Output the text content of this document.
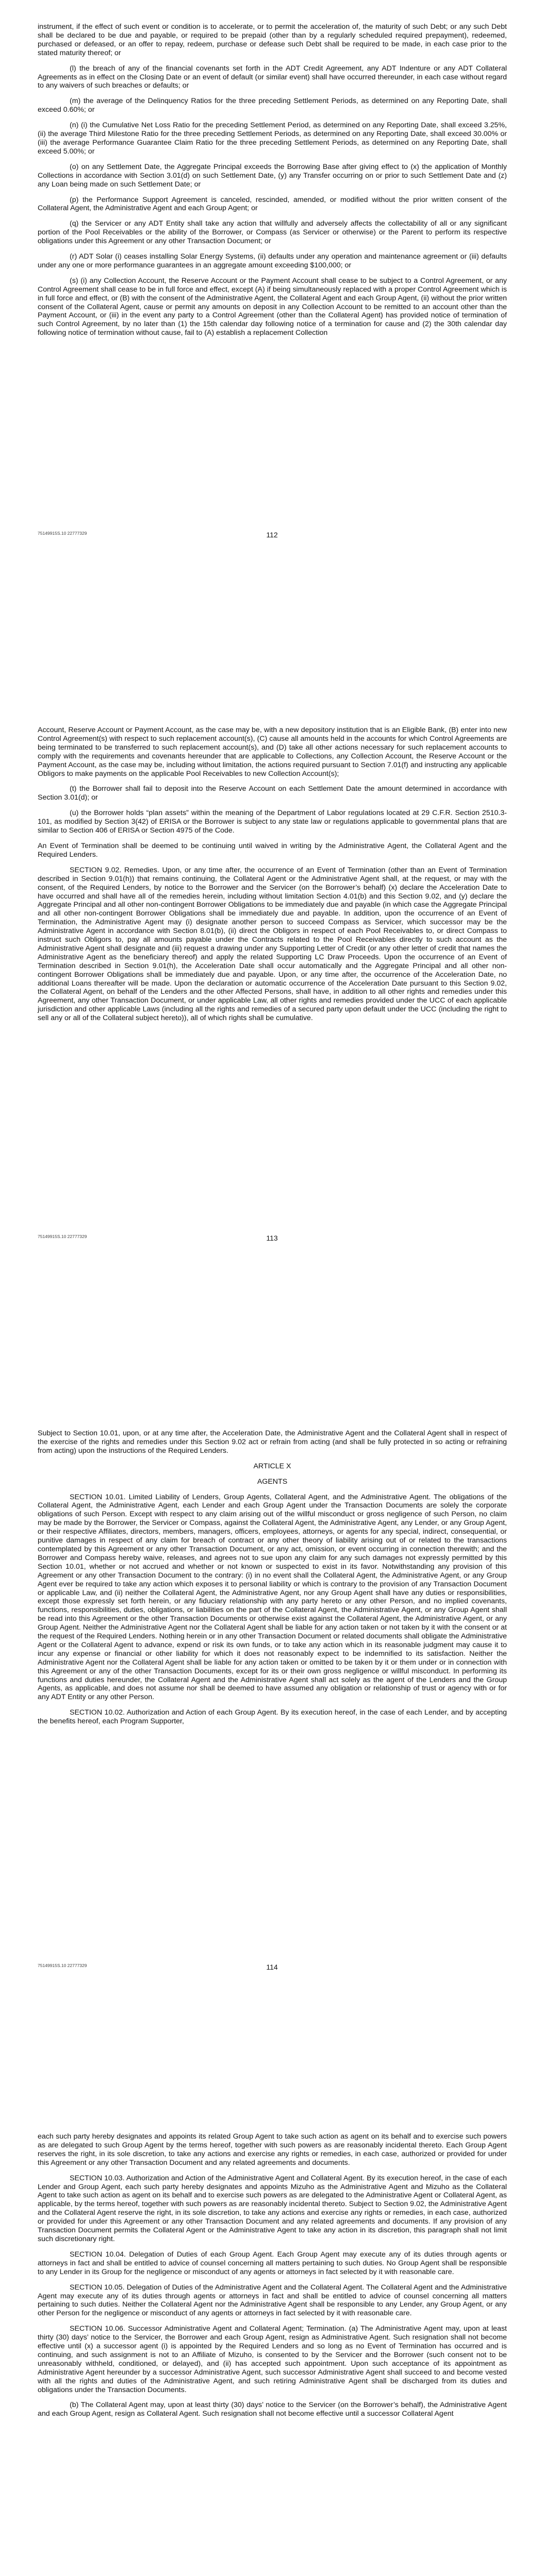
instrument, if the effect of such event or condition is to accelerate, or to permit the acceleration of, the maturity of such Debt; or any such Debt shall be declared to be due and payable, or required to be prepaid (other than by a regularly scheduled required prepayment), redeemed, purchased or defeased, or an offer to repay, redeem, purchase or defease such Debt shall be required to be made, in each case prior to the stated maturity thereof; or

(l) the breach of any of the financial covenants set forth in the ADT Credit Agreement, any ADT Indenture or any ADT Collateral Agreements as in effect on the Closing Date or an event of default (or similar event) shall have occurred thereunder, in each case without regard to any waivers of such breaches or defaults; or

(m) the average of the Delinquency Ratios for the three preceding Settlement Periods, as determined on any Reporting Date, shall exceed 0.60%; or

(n) (i) the Cumulative Net Loss Ratio for the preceding Settlement Period, as determined on any Reporting Date, shall exceed 3.25%, (ii) the average Third Milestone Ratio for the three preceding Settlement Periods, as determined on any Reporting Date, shall exceed 30.00% or (iii) the average Performance Guarantee Claim Ratio for the three preceding Settlement Periods, as determined on any Reporting Date, shall exceed 5.00%; or

(o) on any Settlement Date, the Aggregate Principal exceeds the Borrowing Base after giving effect to (x) the application of Monthly Collections in accordance with Section 3.01(d) on such Settlement Date, (y) any Transfer occurring on or prior to such Settlement Date and (z) any Loan being made on such Settlement Date; or

(p) the Performance Support Agreement is canceled, rescinded, amended, or modified without the prior written consent of the Collateral Agent, the Administrative Agent and each Group Agent; or

(q) the Servicer or any ADT Entity shall take any action that willfully and adversely affects the collectability of all or any significant portion of the Pool Receivables or the ability of the Borrower, or Compass (as Servicer or otherwise) or the Parent to perform its respective obligations under this Agreement or any other Transaction Document; or

(r) ADT Solar (i) ceases installing Solar Energy Systems, (ii) defaults under any operation and maintenance agreement or (iii) defaults under any one or more performance guarantees in an aggregate amount exceeding $100,000; or

(s) (i) any Collection Account, the Reserve Account or the Payment Account shall cease to be subject to a Control Agreement, or any Control Agreement shall cease to be in full force and effect, except (A) if being simultaneously replaced with a proper Control Agreement which is in full force and effect, or (B) with the consent of the Administrative Agent, the Collateral Agent and each Group Agent, (ii) without the prior written consent of the Collateral Agent, cause or permit any amounts on deposit in any Collection Account to be remitted to an account other than the Payment Account, or (iii) in the event any party to a Control Agreement (other than the Collateral Agent) has provided notice of termination of such Control Agreement, by no later than (1) the 15th calendar day following notice of a termination for cause and (2) the 30th calendar day following notice of termination without cause, fail to (A) establish a replacement Collection

75149915S.10 22777329	112

Account, Reserve Account or Payment Account, as the case may be, with a new depository institution that is an Eligible Bank, (B) enter into new Control Agreement(s) with respect to such replacement account(s), (C) cause all amounts held in the accounts for which Control Agreements are being terminated to be transferred to such replacement account(s), and (D) take all other actions necessary for such replacement accounts to comply with the requirements and covenants hereunder that are applicable to Collections, any Collection Account, the Reserve Account or the Payment Account, as the case may be, including without limitation, the actions required pursuant to Section 7.01(f) and instructing any applicable Obligors to make payments on the applicable Pool Receivables to new Collection Account(s);

(t) the Borrower shall fail to deposit into the Reserve Account on each Settlement Date the amount determined in accordance with Section 3.01(d); or

(u) the Borrower holds “plan assets” within the meaning of the Department of Labor regulations located at 29 C.F.R. Section 2510.3-101, as modified by Section 3(42) of ERISA or the Borrower is subject to any state law or regulations applicable to governmental plans that are similar to Section 406 of ERISA or Section 4975 of the Code.

An Event of Termination shall be deemed to be continuing until waived in writing by the Administrative Agent, the Collateral Agent and the Required Lenders.

SECTION 9.02. Remedies. Upon, or any time after, the occurrence of an Event of Termination (other than an Event of Termination described in Section 9.01(h)) that remains continuing, the Collateral Agent or the Administrative Agent shall, at the request, or may with the consent, of the Required Lenders, by notice to the Borrower and the Servicer (on the Borrower’s behalf) (x) declare the Acceleration Date to have occurred and shall have all of the remedies herein, including without limitation Section 4.01(b) and this Section 9.02, and (y) declare the Aggregate Principal and all other non-contingent Borrower Obligations to be immediately due and payable (in which case the Aggregate Principal and all other non-contingent Borrower Obligations shall be immediately due and payable. In addition, upon the occurrence of an Event of Termination, the Administrative Agent may (i) designate another person to succeed Compass as Servicer, which successor may be the Administrative Agent in accordance with Section 8.01(b), (ii) direct the Obligors in respect of each Pool Receivables to, or direct Compass to instruct such Obligors to, pay all amounts payable under the Contracts related to the Pool Receivables directly to such account as the Administrative Agent shall designate and (iii) request a drawing under any Supporting Letter of Credit (or any other letter of credit that names the Administrative Agent as the beneficiary thereof) and apply the related Supporting LC Draw Proceeds. Upon the occurrence of an Event of Termination described in Section 9.01(h), the Acceleration Date shall occur automatically and the Aggregate Principal and all other non-contingent Borrower Obligations shall be immediately due and payable. Upon, or any time after, the occurrence of the Acceleration Date, no additional Loans thereafter will be made. Upon the declaration or automatic occurrence of the Acceleration Date pursuant to this Section 9.02, the Collateral Agent, on behalf of the Lenders and the other Affected Persons, shall have, in addition to all other rights and remedies under this Agreement, any other Transaction Document, or under applicable Law, all other rights and remedies provided under the UCC of each applicable jurisdiction and other applicable Laws (including all the rights and remedies of a secured party upon default under the UCC (including the right to sell any or all of the Collateral subject hereto)), all of which rights shall be cumulative.

75149915S.10 22777329	113

Subject to Section 10.01, upon, or at any time after, the Acceleration Date, the Administrative Agent and the Collateral Agent shall in respect of the exercise of the rights and remedies under this Section 9.02 act or refrain from acting (and shall be fully protected in so acting or refraining from acting) upon the instructions of the Required Lenders.

ARTICLE X

AGENTS

SECTION 10.01. Limited Liability of Lenders, Group Agents, Collateral Agent, and the Administrative Agent. The obligations of the Collateral Agent, the Administrative Agent, each Lender and each Group Agent under the Transaction Documents are solely the corporate obligations of such Person. Except with respect to any claim arising out of the willful misconduct or gross negligence of such Person, no claim may be made by the Borrower, the Servicer or Compass, against the Collateral Agent, the Administrative Agent, any Lender, or any Group Agent, or their respective Affiliates, directors, members, managers, officers, employees, attorneys, or agents for any special, indirect, consequential, or punitive damages in respect of any claim for breach of contract or any other theory of liability arising out of or related to the transactions contemplated by this Agreement or any other Transaction Document, or any act, omission, or event occurring in connection therewith; and the Borrower and Compass hereby waive, releases, and agrees not to sue upon any claim for any such damages not expressly permitted by this Section 10.01, whether or not accrued and whether or not known or suspected to exist in its favor. Notwithstanding any provision of this Agreement or any other Transaction Document to the contrary: (i) in no event shall the Collateral Agent, the Administrative Agent, or any Group Agent ever be required to take any action which exposes it to personal liability or which is contrary to the provision of any Transaction Document or applicable Law, and (ii) neither the Collateral Agent, the Administrative Agent, nor any Group Agent shall have any duties or responsibilities, except those expressly set forth herein, or any fiduciary relationship with any party hereto or any other Person, and no implied covenants, functions, responsibilities, duties, obligations, or liabilities on the part of the Collateral Agent, the Administrative Agent, or any Group Agent shall be read into this Agreement or the other Transaction Documents or otherwise exist against the Collateral Agent, the Administrative Agent, or any Group Agent. Neither the Administrative Agent nor the Collateral Agent shall be liable for any action taken or not taken by it with the consent or at the request of the Required Lenders. Nothing herein or in any other Transaction Document or related documents shall obligate the Administrative Agent or the Collateral Agent to advance, expend or risk its own funds, or to take any action which in its reasonable judgment may cause it to incur any expense or financial or other liability for which it does not reasonably expect to be indemnified to its satisfaction. Neither the Administrative Agent nor the Collateral Agent shall be liable for any action taken or omitted to be taken by it or them under or in connection with this Agreement or any of the other Transaction Documents, except for its or their own gross negligence or willful misconduct. In performing its functions and duties hereunder, the Collateral Agent and the Administrative Agent shall act solely as the agent of the Lenders and the Group Agents, as applicable, and does not assume nor shall be deemed to have assumed any obligation or relationship of trust or agency with or for any ADT Entity or any other Person.

SECTION 10.02. Authorization and Action of each Group Agent. By its execution hereof, in the case of each Lender, and by accepting the benefits hereof, each Program Supporter,

75149915S.10 22777329	114

each such party hereby designates and appoints its related Group Agent to take such action as agent on its behalf and to exercise such powers as are delegated to such Group Agent by the terms hereof, together with such powers as are reasonably incidental thereto. Each Group Agent reserves the right, in its sole discretion, to take any actions and exercise any rights or remedies, in each case, authorized or provided for under this Agreement or any other Transaction Document and any related agreements and documents.

SECTION 10.03. Authorization and Action of the Administrative Agent and Collateral Agent. By its execution hereof, in the case of each Lender and Group Agent, each such party hereby designates and appoints Mizuho as the Administrative Agent and Mizuho as the Collateral Agent to take such action as agent on its behalf and to exercise such powers as are delegated to the Administrative Agent or Collateral Agent, as applicable, by the terms hereof, together with such powers as are reasonably incidental thereto. Subject to Section 9.02, the Administrative Agent and the Collateral Agent reserve the right, in its sole discretion, to take any actions and exercise any rights or remedies, in each case, authorized or provided for under this Agreement or any other Transaction Document and any related agreements and documents. If any provision of any Transaction Document permits the Collateral Agent or the Administrative Agent to take any action in its discretion, this paragraph shall not limit such discretionary right.

SECTION 10.04. Delegation of Duties of each Group Agent. Each Group Agent may execute any of its duties through agents or attorneys in fact and shall be entitled to advice of counsel concerning all matters pertaining to such duties. No Group Agent shall be responsible to any Lender in its Group for the negligence or misconduct of any agents or attorneys in fact selected by it with reasonable care.

SECTION 10.05. Delegation of Duties of the Administrative Agent and the Collateral Agent. The Collateral Agent and the Administrative Agent may execute any of its duties through agents or attorneys in fact and shall be entitled to advice of counsel concerning all matters pertaining to such duties. Neither the Collateral Agent nor the Administrative Agent shall be responsible to any Lender, any Group Agent, or any other Person for the negligence or misconduct of any agents or attorneys in fact selected by it with reasonable care.

SECTION 10.06. Successor Administrative Agent and Collateral Agent; Termination. (a) The Administrative Agent may, upon at least thirty (30) days’ notice to the Servicer, the Borrower and each Group Agent, resign as Administrative Agent. Such resignation shall not become effective until (x) a successor agent (i) is appointed by the Required Lenders and so long as no Event of Termination has occurred and is continuing, and such assignment is not to an Affiliate of Mizuho, is consented to by the Servicer and the Borrower (such consent not to be unreasonably withheld, conditioned, or delayed), and (ii) has accepted such appointment. Upon such acceptance of its appointment as Administrative Agent hereunder by a successor Administrative Agent, such successor Administrative Agent shall succeed to and become vested with all the rights and duties of the Administrative Agent, and such retiring Administrative Agent shall be discharged from its duties and obligations under the Transaction Documents.

(b) The Collateral Agent may, upon at least thirty (30) days’ notice to the Servicer (on the Borrower’s behalf), the Administrative Agent and each Group Agent, resign as Collateral Agent. Such resignation shall not become effective until a successor Collateral Agent
